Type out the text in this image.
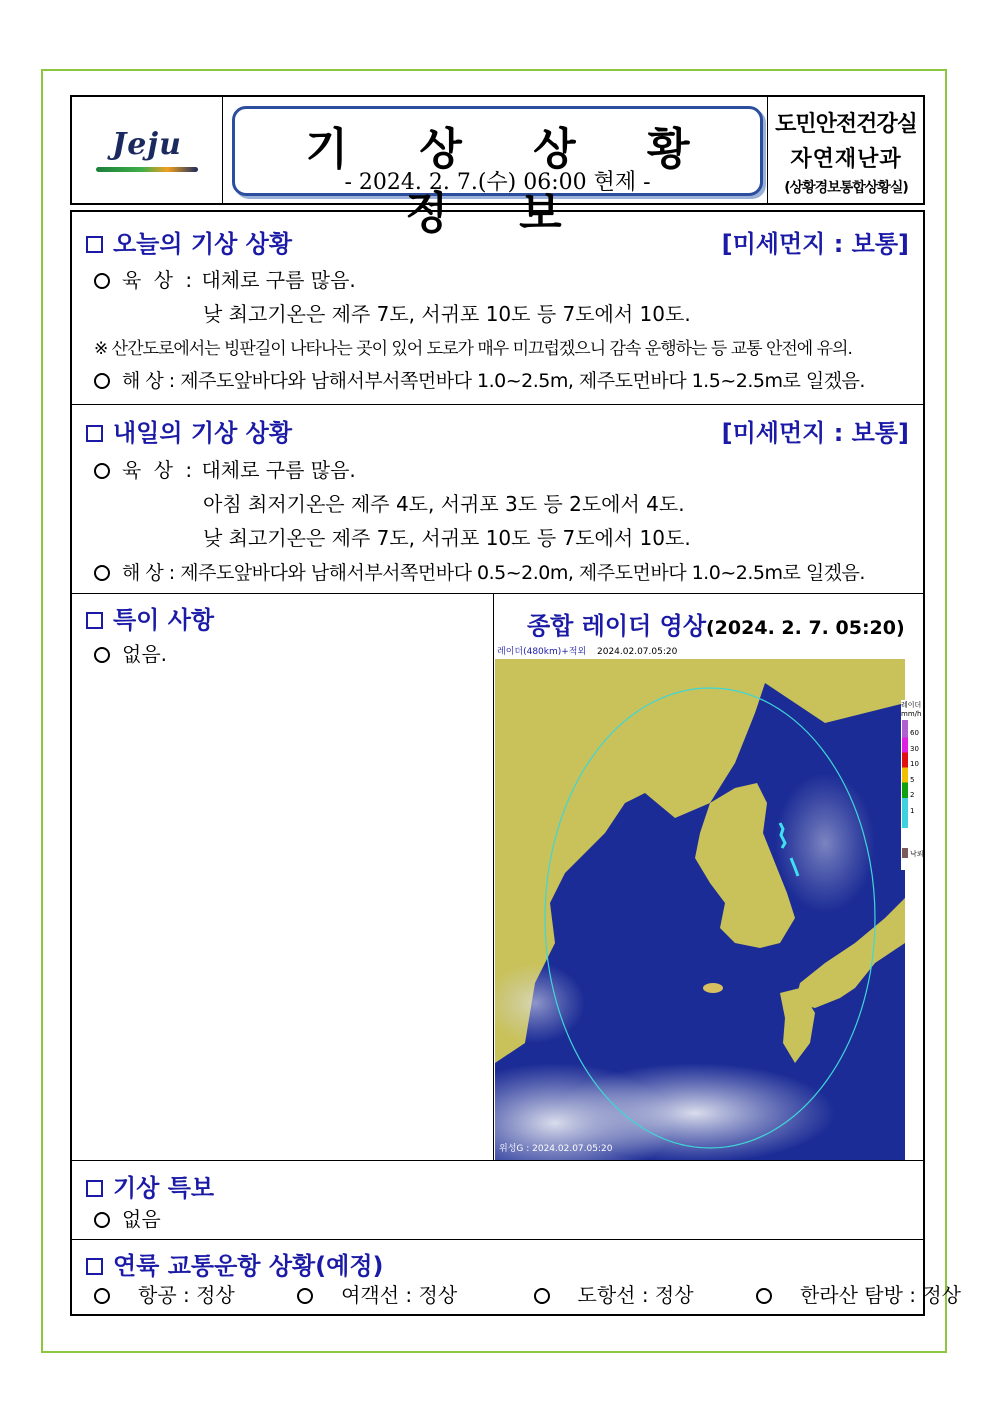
Jeju	기 상 상 황 정 보
- 2024. 2. 7.(수) 06:00 현제 -
도민안전건강실
자연재난과
(상황경보통합상황실)
오늘의 기상 상황	[미세먼지 : 보통]
육 상 : 대체로 구름 많음.
낮 최고기온은 제주 7도, 서귀포 10도 등 7도에서 10도.
※ 산간도로에서는 빙판길이 나타나는 곳이 있어 도로가 매우 미끄럽겠으니 감속 운행하는 등 교통 안전에 유의.
해 상 : 제주도앞바다와 남해서부서쪽먼바다 1.0~2.5m, 제주도먼바다 1.5~2.5m로 일겠음.
내일의 기상 상황	[미세먼지 : 보통]
육 상 : 대체로 구름 많음.
아침 최저기온은 제주 4도, 서귀포 3도 등 2도에서 4도.
낮 최고기온은 제주 7도, 서귀포 10도 등 7도에서 10도.
해 상 : 제주도앞바다와 남해서부서쪽먼바다 0.5~2.0m, 제주도먼바다 1.0~2.5m로 일겠음.
특이 사항
없음.
종합 레이더 영상(2024. 2. 7. 05:20)
레이더(480km)+적외 2024.02.07.05:20
위성G : 2024.02.07.05:20
기상 특보
없음
연륙 교통운항 상황(예정)
항공 : 정상	여객선 : 정상	도항선 : 정상	한라산 탐방 : 정상
레이더
mm/h
60
30
10
5
2
1
낙뢰
